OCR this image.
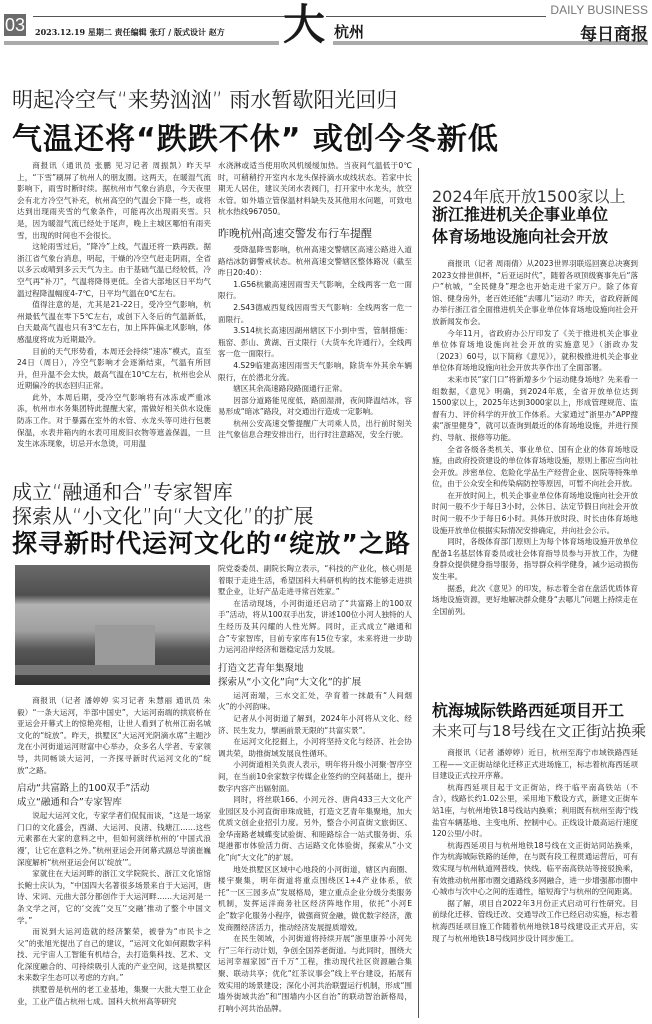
03 2023.12.19 星期二 责任编辑 张玎 / 版式设计 赵方 大 杭州
DAILY BUSINESS
每日商报
明起冷空气“来势汹汹” 雨水暂歇阳光回归
气温还将“跌跌不休” 或创今冬新低

商报讯（通讯员 张鹏 见习记者 周振凯）昨天早上，“下雪”刷屏了杭州人的朋友圈。这两天，在暖湿气流影响下，雨雪时断时续。据杭州市气象台消息，今天夜里会有北方冷空气补充，杭州高空的气温会下降一些，或将达到出现雨夹雪的气象条件，可能再次出现雨夹雪。只是，因为暖湿气流已经处于尾声，晚上主城区哪怕有雨夹雪，出现的时间也不会很长。

这轮雨雪过后，“降冷”上线，气温还将一跌再跌。据浙江省气象台消息，明起，干燥的冷空气赶走阴雨，全省以多云或晴到多云天气为主。由于基础气温已经较低，冷空气再“补刀”，气温将降得更低。全省大部地区日平均气温过程降温幅度4-7℃，日平均气温在0℃左右。

值得注意的是，尤其是21-22日，受冷空气影响，杭州最低气温在零下5℃左右，或创下入冬后的气温新低，白天最高气温也只有3℃左右，加上阵阵偏北风影响，体感温度将成为近期最冷。

目前的天气形势看，本周还会持续“速冻”模式，直至24日（周日），冷空气影响才会逐渐结束，气温有所回升，但升温不会太快，最高气温在10℃左右，杭州也会从近期偏冷的状态回归正常。

此外，本周后期，受冷空气影响将有冰冻或严重冰冻，杭州市水务集团特此提醒大家，需做好相关供水设施防冻工作。对于暴露在室外的水管、水龙头等可进行包裹保温，水表井箱内的水表可用废旧衣物等遮盖保温，一旦发生冰冻现象，切忌开水急烫，可用温

水浇淋或适当使用吹风机缓缓加热。当夜间气温低于0℃时，可稍稍拧开室内水龙头保持滴水成线状态。若家中长期无人居住，建议关闭水表阀门，打开家中水龙头，放空水管。如外墙立管保温材料缺失及其他用水问题，可致电杭水热线967050。

昨晚杭州高速交警发布行车提醒

受降温降雪影响，杭州高速交警辖区高速公路进入道路结冰防御警戒状态。杭州高速交警辖区整体路况（截至昨日20:40）：

1.G56杭徽高速因雨雪天气影响，全线两客一危一面限行。

2.S43德威西复线因雨雪天气影响：全线两客一危一面限行。

3.S14杭长高速因湖州辖区下小到中雪，管制措施：瓶窑、彭山、黄湖、百丈限行（大货车允许通行），全线两客一危一面限行。

4.S29临建高速因雨雪天气影响，除货车外其余车辆限行，在於潜北分流。

辖区其余高速路段路面通行正常。

因部分道路能见度低，路面湿滑，夜间降温结冰，容易形成“暗冰”路段，对交通出行造成一定影响。

杭州公安高速交警提醒广大司乘人员，出行前时刻关注气象信息合理安排出行，出行时注意路况，安全行驶。

2024年底开放1500家以上
浙江推进机关企事业单位
体育场地设施向社会开放

商报讯（记者 周雨倩）从2023世界羽联巡回赛总决赛到2023女排世俱杯，“后亚运时代”，随着各项顶级赛事先后“落户”杭城，“全民健身”理念也开始走进千家万户。除了体育馆、健身房外，老百姓还能“去哪儿”运动？昨天，省政府新闻办举行浙江省全面推进机关企事业单位体育场地设施向社会开放新闻发布会。

今年11月，省政府办公厅印发了《关于推进机关企事业单位体育场地设施向社会开放的实施意见》（浙政办发〔2023〕60号，以下简称《意见》），就积极推进机关企事业单位体育场地设施向社会开放共享作出了全面部署。

未来市民“家门口”将新增多少个运动健身场地？先来看一组数据，《意见》明确，到2024年底，全省开放单位达到1500家以上，2025年达到3000家以上，形成管理规范、监督有力、评价科学的开放工作体系。大家通过“浙里办”APP搜索“浙里健身”，就可以查询到最近的体育场地设施，并进行预约、导航、报修等功能。

全省各级各类机关、事业单位、国有企业的体育场地设施，由政府投资建设的单位体育场地设施，原则上都应当向社会开放。涉密单位、危险化学品生产经营企业、医院等特殊单位，由于公众安全和传染病防控等原因，可暂不向社会开放。

在开放时间上，机关企事业单位体育场地设施向社会开放时间一般不少于每日3小时，公休日、法定节假日向社会开放时间一般不少于每日6小时。具体开放时段、时长由体育场地设施开放单位根据实际情况安排确定，并向社会公示。

同时，各级体育部门原则上为每个体育场地设施开放单位配备1名基层体育委员或社会体育指导员参与开放工作，为健身群众提供健身指导服务，指导群众科学健身，减少运动损伤发生率。

据悉，此次《意见》的印发，标志着全省在盘活优质体育场地设施资源，更好地解决群众健身“去哪儿”问题上持续走在全国前列。

杭海城际铁路西延项目开工
未来可与18号线在文正街站换乘

商报讯（记者 潘婷婷）近日，杭州至海宁市域铁路西延工程——文正街站绿化迁移正式进场施工，标志着杭海西延项目建设正式拉开序幕。

杭海西延项目起于文正街站，终于临平南高铁站（不含），线路长约1.02公里，采用地下敷设方式，新建文正街车站1座，与杭州地铁18号线站内换乘；利用既有杭州至海宁线盐官车辆基地、主变电所、控制中心。正线设计最高运行速度120公里/小时。

杭海西延项目与杭州地铁18号线在文正街站同站换乘，作为杭海城际铁路的延伸，在与既有段工程贯通运营后，可有效实现与杭州轨道网普线、快线、临平南高铁站等接驳换乘，有效推动杭州都市圈交通路线多网融合，进一步增强都市圈中心城市与次中心之间的连通性，缩短海宁与杭州的空间距离。

据了解，项目自2022年3月份正式启动可行性研究。目前绿化迁移、管线迁改、交通导改工作已经启动实施，标志着杭海西延项目施工作随着杭州地铁18号线建设正式开启，实现了与杭州地铁18号线同步设计同步施工。

成立“融通和合”专家智库
探索从“小文化”向“大文化”的扩展
探寻新时代运河文化的“绽放”之路

商报讯（记者 潘婷婷 实习记者 朱慧丽 通讯员 朱毅）“一条大运河，半部中国史”，大运河南端的拱宸桥在亚运会开幕式上的惊艳亮相，让世人看到了杭州江南名城文化的“绽放”。昨天，拱墅区“大运河光阴滴水席”主题沙龙在小河街道运河财富中心举办，众多名人学者、专家领导，共同畅谈大运河，一齐探寻新时代运河文化的“绽放”之路。

启动“共富路上的100双手”活动
成立“融通和合”专家智库

说起大运河文化，专家学者们侃侃而谈，“这是一场家门口的文化盛会，西湖、大运河、良渚、钱塘江……这些元素都在大家的意料之中，但如何演绎杭州的‘中国式浪漫’，让它在意料之外。”杭州亚运会开闭幕式副总导演崔巍深度解析“杭州亚运会何以‘绽放’”。

家就住在大运河畔的浙江文学院院长、浙江文化馆馆长鲍士庆认为，“中国四大名著很多场景来自于大运河，唐诗、宋词、元曲大部分都创作于大运河畔……大运河是一条文学之河，它的‘交流’‘交互’‘交融’推动了整个中国文学。”

而说到大运河造就的经济繁荣，被誉为“市民卡之父”的张旭光提出了自己的建议，“运河文化如何跟数字科技、元宇宙人工智能有机结合，去打造集科技、艺术、文化深度融合的、可持续吸引人流的产业空间，这是拱墅区未来数字生态可以考虑的方向。”

拱墅曾是杭州的老工业基地，集聚一大批大型工业企业，工业产值占杭州七成。国科大杭州高等研究

院党委委员、副院长陶立表示，“科技的产业化，核心则是着眼于走进生活，希望国科大科研机构的技术能够走进拱墅企业，让好产品走进寻常百姓家。”

在活动现场，小河街道还启动了“共富路上的100双手”活动，将从100双手出发，讲述100位小河人独特的人生经历及其闪耀的人性光辉。同时，正式成立“融通和合”专家智库，目前专家库有15位专家，未来将进一步助力运河沿岸经济和谐稳定活力发展。

打造文艺青年集聚地
探索从“小文化”向“大文化”的扩展

运河南端，三水交汇处，孕育着一抹最有“人间烟火”的小河韵味。

记者从小河街道了解到，2024年小河将从文化、经济、民生发力，擘画前景无限的“共富实景”。

在运河文化挖掘上，小河将坚持文化与经济、社会协调共荣，助推街域发展良性循环。

小河街道相关负责人表示，明年将升级小河聚·智序空间，在当前10余家数字传媒企业签约的空间基础上，提升数字内容产出辐射面。

同时，将丝联166、小河元谷、唐尚433三大文化产业园区及小河直街串珠成链，打造文艺青年集聚地，加大优质文创企业招引力度。另外，整合小河直街文旅街区、金华南路老城蝶变试验街、和睦路综合一站式服务街、乐堤港都市体验活力街、古运路文化体验街，探索从“小文化”向“大文化”的扩展。

地处拱墅区区域中心地段的小河街道，辖区内商圈、楼宇聚集，明年街道将重点围绕区1+4产业体系，依托“一区三园多点”发展格局，建立重点企业分级分类服务机制，发挥运洋商务社区经济阵地作用，依托“小河E企”数字化服务小程序，做强商贸金融，做优数字经济，激发商圈经济活力，推动经济发展提质增效。

在民生领域，小河街道将持续开展“浙里康养·小河先行”三年行动计划，争创全国养老街道。与此同时，围绕大运河幸福家园“百千万”工程，推动现代社区资源融合集聚、联动共享；优化“红茶议事会”线上平台建设，拓展有效实用的场景建设；深化小河共治联盟运行机制，形成“围墙外街域共治”和“围墙内小区自治”的联动智治新格局，打响小河共治品牌。
